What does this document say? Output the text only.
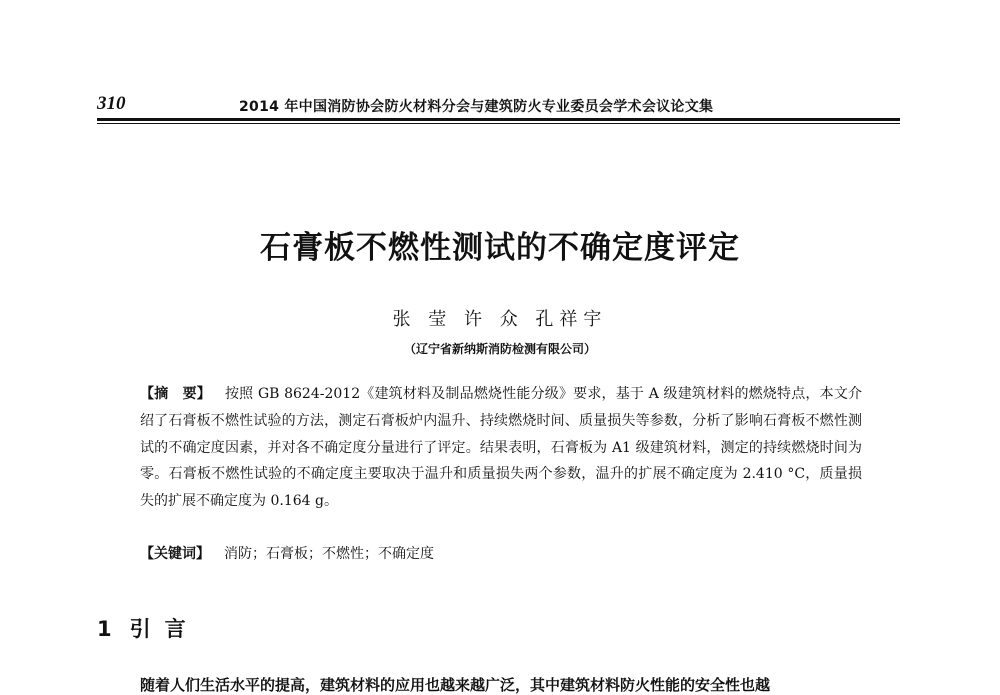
310	2014 年中国消防协会防火材料分会与建筑防火专业委员会学术会议论文集
石膏板不燃性测试的不确定度评定
张 莹 许 众 孔祥宇
（辽宁省新纳斯消防检测有限公司）
【摘　要】 按照 GB 8624-2012《建筑材料及制品燃烧性能分级》要求，基于 A 级建筑材料的燃烧特点，本文介绍了石膏板不燃性试验的方法，测定石膏板炉内温升、持续燃烧时间、质量损失等参数，分析了影响石膏板不燃性测试的不确定度因素，并对各不确定度分量进行了评定。结果表明，石膏板为 A1 级建筑材料，测定的持续燃烧时间为零。石膏板不燃性试验的不确定度主要取决于温升和质量损失两个参数，温升的扩展不确定度为 2.410 °C，质量损失的扩展不确定度为 0.164 g。
【关键词】 消防；石膏板；不燃性；不确定度
1 引言
随着人们生活水平的提高，建筑材料的应用也越来越广泛，其中建筑材料防火性能的安全性也越
